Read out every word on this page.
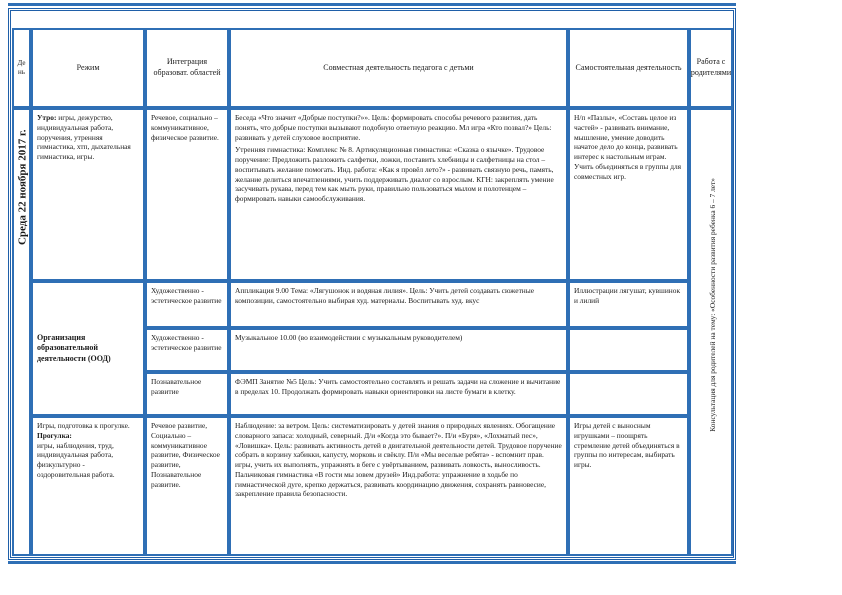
День
Режим
Интеграция образоват. областей
Совместная деятельность педагога с детьми	Самостоятельная деятельность
Работа с родителями
Среда 22 ноября 2017 г.	Консультация для родителей на тему: «Особенности развития ребенка 6 – 7 лет»
Утро: игры, дежурство, индивидуальная работа, поручения, утренняя гимнастика, хтп, дыхательная гимнастика, игры.
Речевое, социально – коммуникативное, физическое развитие.

Беседа «Что значит «Добрые поступки?»». Цель: формировать способы речевого развития, дать понять, что добрые поступки вызывают подобную ответную реакцию. Мл игра «Кто позвал?» Цель: развивать у детей слуховое восприятие.

Утренняя гимнастика: Комплекс № 8. Артикуляционная гимнастика: «Сказка о язычке». Трудовое поручение: Предложить разложить салфетки, ложки, поставить хлебницы и салфетницы на стол – воспитывать желание помогать. Инд. работа: «Как я провёл лето?» - развивать связную речь, память, желание делиться впечатлениями, учить поддерживать диалог со взрослым. КГН: закреплять умение засучивать рукава, перед тем как мыть руки, правильно пользоваться мылом и полотенцем – формировать навыки самообслуживания.

Н/п «Пазлы», «Составь целое из частей» - развивать внимание, мышление, умение доводить начатое дело до конца, развивать интерес к настольным играм. Учить объединяться в группы для совместных игр.
Организация образовательной деятельности (ООД)
Художественно - эстетическое развитие
Аппликация 9.00 Тема: «Лягушонок и водяная лилия». Цель: Учить детей создавать сюжетные композиции, самостоятельно выбирая худ. материалы. Воспитывать худ. вкус
Иллюстрации лягушат, кувшинок и лилий
Художественно - эстетическое развитие
Музыкальное 10.00 (во взаимодействии с музыкальным руководителем)
Познавательное развитие
ФЭМП Занятие №5 Цель: Учить самостоятельно составлять и решать задачи на сложение и вычитание в пределах 10. Продолжать формировать навыки ориентировки на листе бумаги в клетку.
Игры, подготовка к прогулке.
Прогулка:
игры, наблюдения, труд, индивидуальная работа, физкультурно - оздоровительная работа.
Речевое развитие, Социально – коммуникативное развитие, Физическое развитие, Познавательное развитие.
Наблюдение: за ветром. Цель: систематизировать у детей знания о природных явлениях. Обогащение словарного запаса: холодный, северный. Д/и «Когда это бывает?». П/и «Буря», «Лохматый пес», «Ловишка». Цель: развивать активность детей в двигательной деятельности детей. Трудовое поручение собрать в корзину хабикки, капусту, морковь и свёклу. П/и «Мы веселые ребята» - вспомнит прав. игры, учить их выполнять, упражнять в беге с увёртыванием, развивать ловкость, выносливость. Пальчиковая гимнастика «В гости мы зовем друзей» Инд.работа: упражнение в ходьбе по гимнастической дуге, крепко держаться, развивать координацию движения, сохранять равновесие, закрепление правила безопасности.
Игры детей с выносным игрушками – поощрять стремление детей объединяться в группы по интересам, выбирать игры.
